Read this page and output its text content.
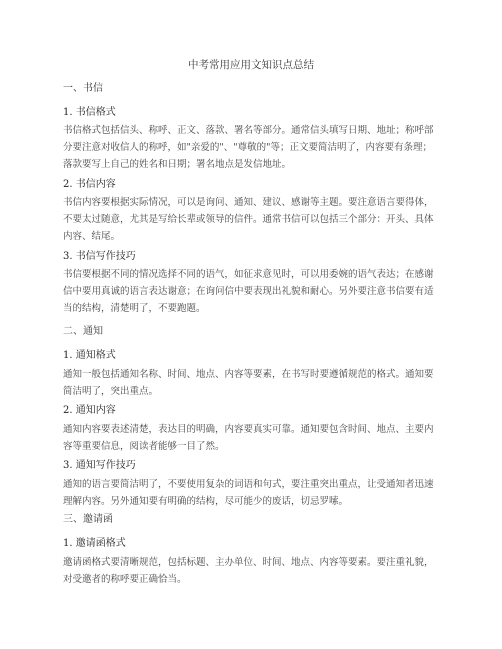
中考常用应用文知识点总结
一、书信
1. 书信格式
书信格式包括信头、称呼、正文、落款、署名等部分。通常信头填写日期、地址；称呼部
分要注意对收信人的称呼，如"亲爱的"、"尊敬的"等；正文要简洁明了，内容要有条理；
落款要写上自己的姓名和日期；署名地点是发信地址。
2. 书信内容
书信内容要根据实际情况，可以是询问、通知、建议、感谢等主题。要注意语言要得体，
不要太过随意，尤其是写给长辈或领导的信件。通常书信可以包括三个部分：开头、具体
内容、结尾。
3. 书信写作技巧
书信要根据不同的情况选择不同的语气，如征求意见时，可以用委婉的语气表达；在感谢
信中要用真诚的语言表达谢意；在询问信中要表现出礼貌和耐心。另外要注意书信要有适
当的结构，清楚明了，不要跑题。
二、通知
1. 通知格式
通知一般包括通知名称、时间、地点、内容等要素，在书写时要遵循规范的格式。通知要
简洁明了，突出重点。
2. 通知内容
通知内容要表述清楚，表达目的明确，内容要真实可靠。通知要包含时间、地点、主要内
容等重要信息，阅读者能够一目了然。
3. 通知写作技巧
通知的语言要简洁明了，不要使用复杂的词语和句式，要注重突出重点，让受通知者迅速
理解内容。另外通知要有明确的结构，尽可能少的废话，切忌罗嗦。
三、邀请函
1. 邀请函格式
邀请函格式要清晰规范，包括标题、主办单位、时间、地点、内容等要素。要注重礼貌，
对受邀者的称呼要正确恰当。
